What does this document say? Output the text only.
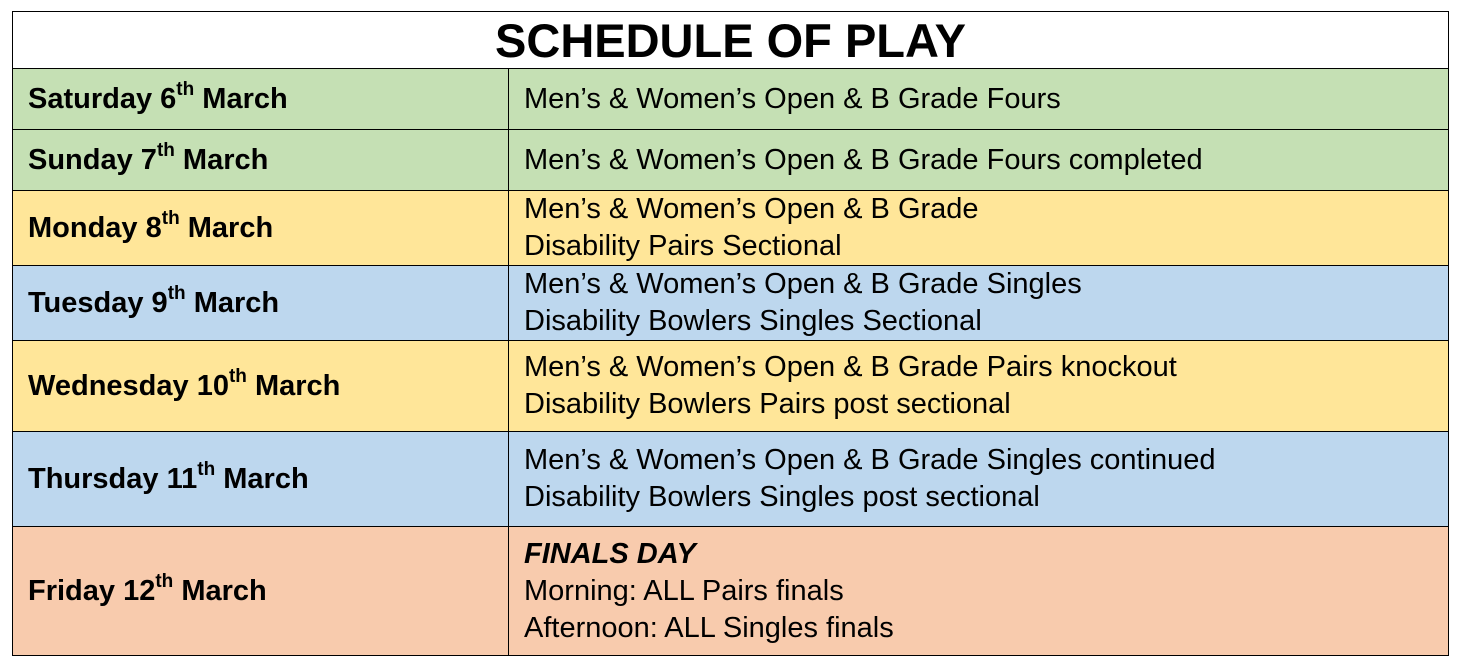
SCHEDULE OF PLAY	
Saturday 6th March	Men’s & Women’s Open & B Grade Fours

Sunday 7th March	Men’s & Women’s Open & B Grade Fours completed

Monday 8th March	Men’s & Women’s Open & B Grade
Disability Pairs Sectional

Tuesday 9th March	Men’s & Women’s Open & B Grade Singles
Disability Bowlers Singles Sectional

Wednesday 10th March	Men’s & Women’s Open & B Grade Pairs knockout
Disability Bowlers Pairs post sectional

Thursday 11th March	Men’s & Women’s Open & B Grade Singles continued
Disability Bowlers Singles post sectional

Friday 12th March	FINALS DAY
Morning: ALL Pairs finals
Afternoon: ALL Singles finals
